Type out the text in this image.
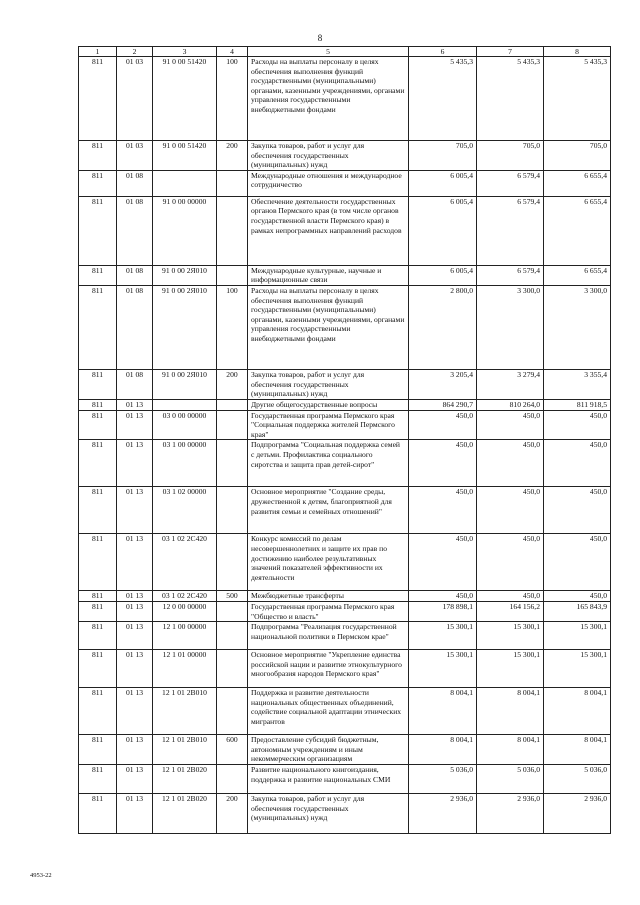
8
1	2	3	4	5	6	7	8
811	01 03	91 0 00 51420	100	Расходы на выплаты персоналу в целях обеспечения выполнения функций государственными (муниципальными) органами, казенными учреждениями, органами управления государственными внебюджетными фондами	5 435,3	5 435,3	5 435,3
811	01 03	91 0 00 51420	200	Закупка товаров, работ и услуг для обеспечения государственных (муниципальных) нужд	705,0	705,0	705,0
811	01 08			Международные отношения и международное сотрудничество	6 005,4	6 579,4	6 655,4
811	01 08	91 0 00 00000		Обеспечение деятельности государственных органов Пермского края (в том числе органов государственной власти Пермского края) в рамках непрограммных направлений расходов	6 005,4	6 579,4	6 655,4
811	01 08	91 0 00 2Я010		Международные культурные, научные и информационные связи	6 005,4	6 579,4	6 655,4
811	01 08	91 0 00 2Я010	100	Расходы на выплаты персоналу в целях обеспечения выполнения функций государственными (муниципальными) органами, казенными учреждениями, органами управления государственными внебюджетными фондами	2 800,0	3 300,0	3 300,0
811	01 08	91 0 00 2Я010	200	Закупка товаров, работ и услуг для обеспечения государственных (муниципальных) нужд	3 205,4	3 279,4	3 355,4
811	01 13			Другие общегосударственные вопросы	864 290,7	810 264,0	811 918,5
811	01 13	03 0 00 00000		Государственная программа Пермского края "Социальная поддержка жителей Пермского края"	450,0	450,0	450,0
811	01 13	03 1 00 00000		Подпрограмма "Социальная поддержка семей с детьми. Профилактика социального сиротства и защита прав детей-сирот"	450,0	450,0	450,0
811	01 13	03 1 02 00000		Основное мероприятие "Создание среды, дружественной к детям, благоприятной для развития семьи и семейных отношений"	450,0	450,0	450,0
811	01 13	03 1 02 2С420		Конкурс комиссий по делам несовершеннолетних и защите их прав по достижению наиболее результативных значений показателей эффективности их деятельности	450,0	450,0	450,0
811	01 13	03 1 02 2С420	500	Межбюджетные трансферты	450,0	450,0	450,0
811	01 13	12 0 00 00000		Государственная программа Пермского края "Общество и власть"	178 898,1	164 156,2	165 843,9
811	01 13	12 1 00 00000		Подпрограмма "Реализация государственной национальной политики в Пермском крае"	15 300,1	15 300,1	15 300,1
811	01 13	12 1 01 00000		Основное мероприятие "Укрепление единства российской нации и развитие этнокультурного многообразия народов Пермского края"	15 300,1	15 300,1	15 300,1
811	01 13	12 1 01 2В010		Поддержка и развитие деятельности национальных общественных объединений, содействие социальной адаптации этнических мигрантов	8 004,1	8 004,1	8 004,1
811	01 13	12 1 01 2В010	600	Предоставление субсидий бюджетным, автономным учреждениям и иным некоммерческим организациям	8 004,1	8 004,1	8 004,1
811	01 13	12 1 01 2В020		Развитие национального книгоиздания, поддержка и развитие национальных СМИ	5 036,0	5 036,0	5 036,0
811	01 13	12 1 01 2В020	200	Закупка товаров, работ и услуг для обеспечения государственных (муниципальных) нужд	2 936,0	2 936,0	2 936,0
4953-22
